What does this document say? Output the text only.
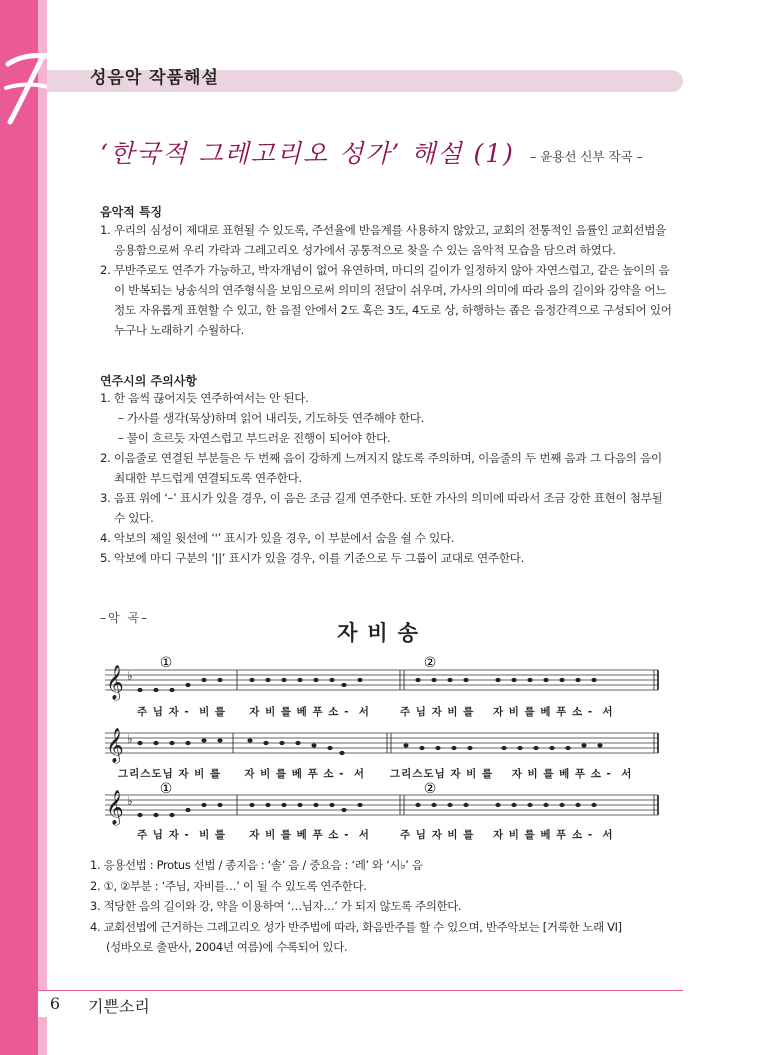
성음악 작품해설
‘한국적 그레고리오 성가’ 해설 (1) – 윤용선 신부 작곡 –
음악적 특징
1. 우리의 심성이 제대로 표현될 수 있도록, 주선율에 반음계를 사용하지 않았고, 교회의 전통적인 음률인 교회선법을
응용함으로써 우리 가락과 그레고리오 성가에서 공통적으로 찾을 수 있는 음악적 모습을 담으려 하였다.
2. 무반주로도 연주가 가능하고, 박자개념이 없어 유연하며, 마디의 길이가 일정하지 않아 자연스럽고, 같은 높이의 음
이 반복되는 낭송식의 연주형식을 보임으로써 의미의 전달이 쉬우며, 가사의 의미에 따라 음의 길이와 강약을 어느
정도 자유롭게 표현할 수 있고, 한 음절 안에서 2도 혹은 3도, 4도로 상, 하행하는 좁은 음정간격으로 구성되어 있어
누구나 노래하기 수월하다.
연주시의 주의사항
1. 한 음씩 끊어지듯 연주하여서는 안 된다.
– 가사를 생각(묵상)하며 읽어 내리듯, 기도하듯 연주해야 한다.
– 물이 흐르듯 자연스럽고 부드러운 진행이 되어야 한다.
2. 이음줄로 연결된 부분들은 두 번째 음이 강하게 느껴지지 않도록 주의하며, 이음줄의 두 번째 음과 그 다음의 음이
최대한 부드럽게 연결되도록 연주한다.
3. 음표 위에 ‘–’ 표시가 있을 경우, 이 음은 조금 길게 연주한다. 또한 가사의 의미에 따라서 조금 강한 표현이 첨부될
수 있다.
4. 악보의 제일 윗선에 ‘ꞌ’ 표시가 있을 경우, 이 부분에서 숨을 쉴 수 있다.
5. 악보에 마디 구분의 ‘||’ 표시가 있을 경우, 이를 기준으로 두 그룹이 교대로 연주한다.
–악 곡–
자비송
𝄞 ♭
𝄞 ♭
𝄞 ♭
①	②
①	②
주 님 자 -  비 를     자 비 를 베 푸 소 -  서	주 님 자 비 를    자 비 를 베 푸 소 -  서
그리스도님 자 비 를     자 비 를 베 푸 소 -  서 그리스도님 자 비 를    자 비 를 베 푸 소 -  서
주 님 자 -  비 를     자 비 를 베 푸 소 -  서	주 님 자 비 를    자 비 를 베 푸 소 -  서
1. 응용선법 : Protus 선법 / 종지음 : ‘솔’ 음 / 중요음 : ‘레’ 와 ‘시♭’ 음
2. ①, ②부분 : ‘주님, 자비를…’ 이 될 수 있도록 연주한다.
3. 적당한 음의 길이와 강, 약을 이용하여 ‘…님자…’ 가 되지 않도록 주의한다.
4. 교회선법에 근거하는 그레고리오 성가 반주법에 따라, 화음반주를 할 수 있으며, 반주악보는 [거룩한 노래 VI]
(성바오로 출판사, 2004년 여름)에 수록되어 있다.
6	기쁜소리
